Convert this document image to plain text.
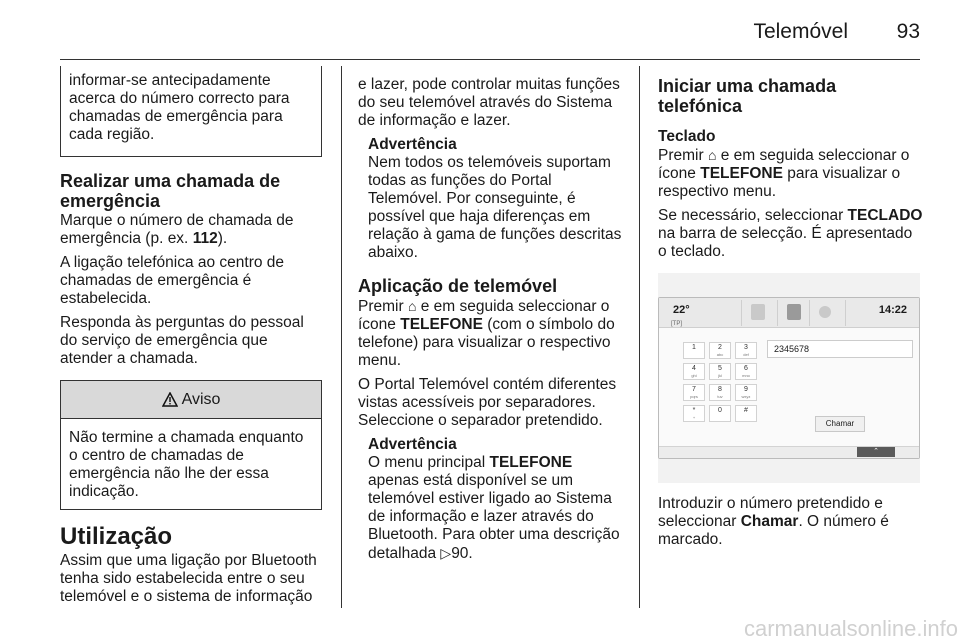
Telemóvel 93

informar-se antecipadamente acerca do número correcto para chamadas de emergência para cada região.

Realizar uma chamada de emergência

Marque o número de chamada de emergência (p. ex. 112).

A ligação telefónica ao centro de chamadas de emergência é estabelecida.

Responda às perguntas do pessoal do serviço de emergência que atender a chamada.

Aviso
Não termine a chamada enquanto o centro de chamadas de emergência não lhe der essa indicação.
Utilização

Assim que uma ligação por Bluetooth tenha sido estabelecida entre o seu telemóvel e o sistema de informação

e lazer, pode controlar muitas funções do seu telemóvel através do Sistema de informação e lazer.

Advertência

Nem todos os telemóveis suportam todas as funções do Portal Telemóvel. Por conseguinte, é possível que haja diferenças em relação à gama de funções descritas abaixo.

Aplicação de telemóvel

Premir ⌂ e em seguida seleccionar o ícone TELEFONE (com o símbolo do telefone) para visualizar o respectivo menu.

O Portal Telemóvel contém diferentes vistas acessíveis por separadores. Seleccione o separador pretendido.

Advertência

O menu principal TELEFONE apenas está disponível se um telemóvel estiver ligado ao Sistema de informação e lazer através do Bluetooth. Para obter uma descrição detalhada ▷90.

Iniciar uma chamada telefónica
Teclado

Premir ⌂ e em seguida seleccionar o ícone TELEFONE para visualizar o respectivo menu.

Se necessário, seleccionar TECLADO na barra de selecção. É apresentado o teclado.

22°
[TP]
14:22
2345678
1	2
abc
3
def
4
ghi
5
jkl
6
mno
7
pqrs
8
tuv
9
wxyz
*
+
0	#
Chamar
⌃

Introduzir o número pretendido e seleccionar Chamar. O número é marcado.

carmanualsonline.info
